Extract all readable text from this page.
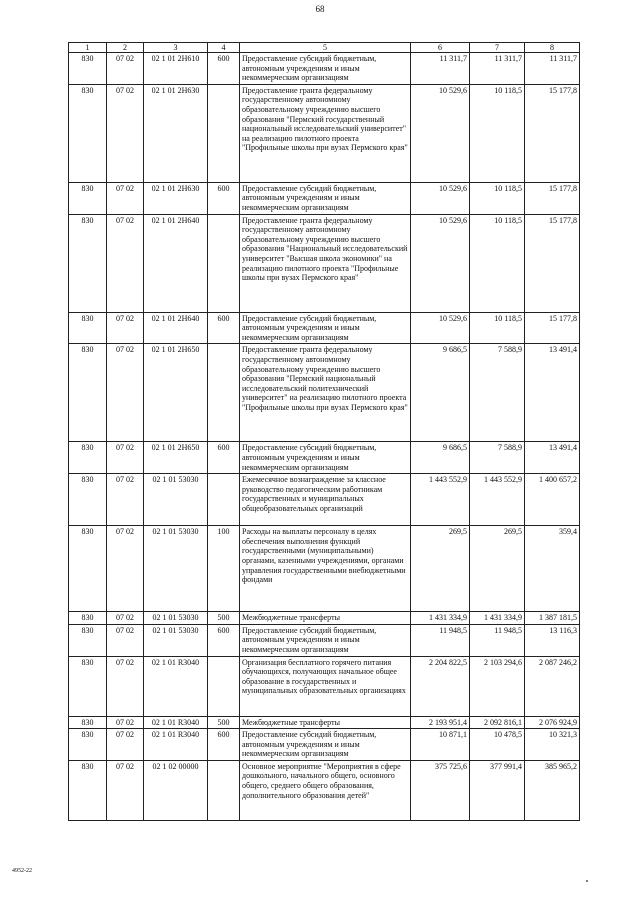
68
1	2	3	4	5	6	7	8
830	07 02	02 1 01 2Н610	600	Предоставление субсидий бюджетным, автономным учреждениям и иным некоммерческим организациям	11 311,7	11 311,7	11 311,7
830	07 02	02 1 01 2Н630		Предоставление гранта федеральному государственному автономному образовательному учреждению высшего образования "Пермский государственный национальный исследовательский университет" на реализацию пилотного проекта "Профильные школы при вузах Пермского края"	10 529,6	10 118,5	15 177,8
830	07 02	02 1 01 2Н630	600	Предоставление субсидий бюджетным, автономным учреждениям и иным некоммерческим организациям	10 529,6	10 118,5	15 177,8
830	07 02	02 1 01 2Н640		Предоставление гранта федеральному государственному автономному образовательному учреждению высшего образования "Национальный исследовательский университет "Высшая школа экономики" на реализацию пилотного проекта "Профильные школы при вузах Пермского края"	10 529,6	10 118,5	15 177,8
830	07 02	02 1 01 2Н640	600	Предоставление субсидий бюджетным, автономным учреждениям и иным некоммерческим организациям	10 529,6	10 118,5	15 177,8
830	07 02	02 1 01 2Н650		Предоставление гранта федеральному государственному автономному образовательному учреждению высшего образования "Пермский национальный исследовательский политехнический университет" на реализацию пилотного проекта "Профильные школы при вузах Пермского края"	9 686,5	7 588,9	13 491,4
830	07 02	02 1 01 2Н650	600	Предоставление субсидий бюджетным, автономным учреждениям и иным некоммерческим организациям	9 686,5	7 588,9	13 491,4
830	07 02	02 1 01 53030		Ежемесячное вознаграждение за классное руководство педагогическим работникам государственных и муниципальных общеобразовательных организаций	1 443 552,9	1 443 552,9	1 400 657,2
830	07 02	02 1 01 53030	100	Расходы на выплаты персоналу в целях обеспечения выполнения функций государственными (муниципальными) органами, казенными учреждениями, органами управления государственными внебюджетными фондами	269,5	269,5	359,4
830	07 02	02 1 01 53030	500	Межбюджетные трансферты	1 431 334,9	1 431 334,9	1 387 181,5
830	07 02	02 1 01 53030	600	Предоставление субсидий бюджетным, автономным учреждениям и иным некоммерческим организациям	11 948,5	11 948,5	13 116,3
830	07 02	02 1 01 R3040		Организация бесплатного горячего питания обучающихся, получающих начальное общее образование в государственных и муниципальных образовательных организациях	2 204 822,5	2 103 294,6	2 087 246,2
830	07 02	02 1 01 R3040	500	Межбюджетные трансферты	2 193 951,4	2 092 816,1	2 076 924,9
830	07 02	02 1 01 R3040	600	Предоставление субсидий бюджетным, автономным учреждениям и иным некоммерческим организациям	10 871,1	10 478,5	10 321,3
830	07 02	02 1 02 00000		Основное мероприятие "Мероприятия в сфере дошкольного, начального общего, основного общего, среднего общего образования, дополнительного образования детей"	375 725,6	377 991,4	385 965,2
4952-22
